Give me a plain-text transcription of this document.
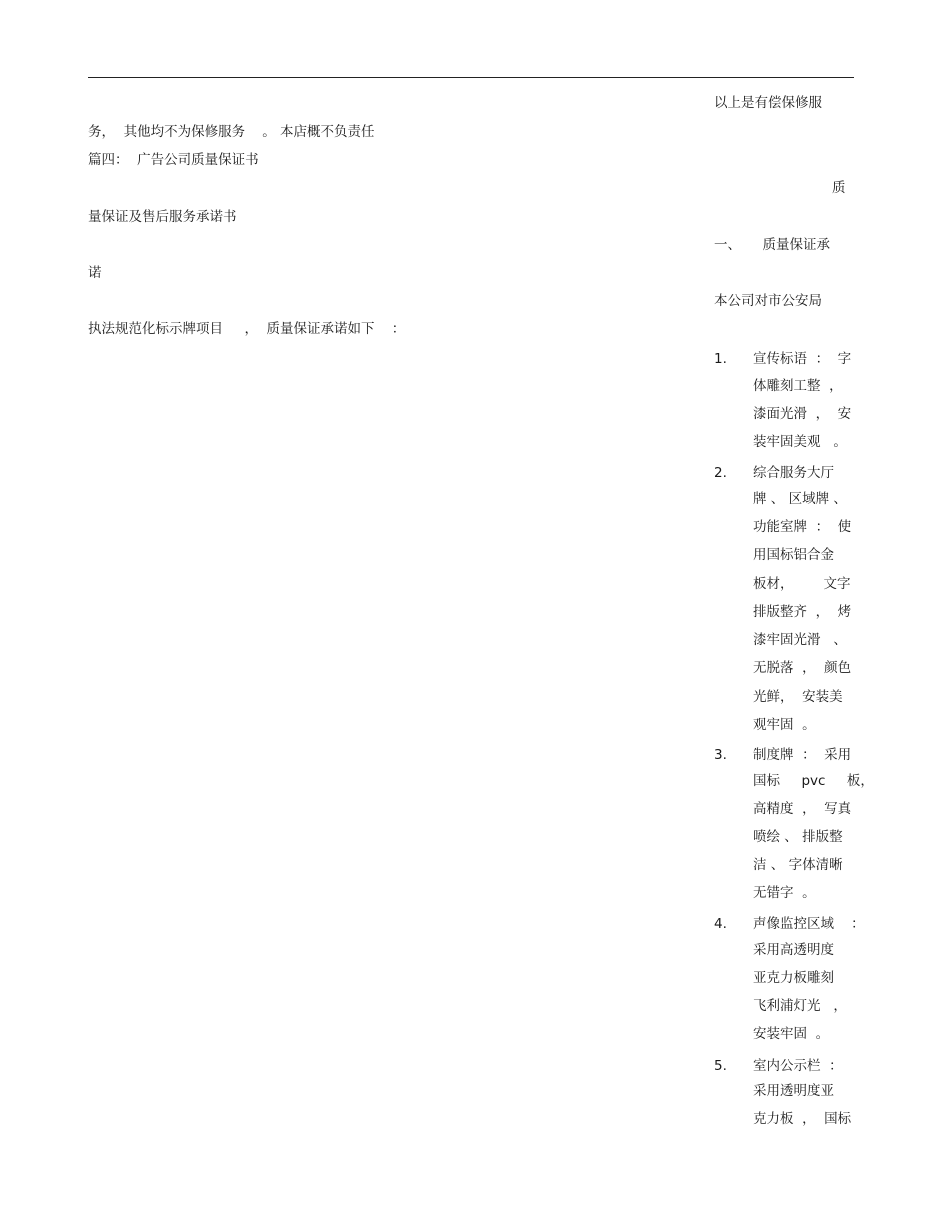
以上是有偿保修服
务，  其他均不为保修服务    。 本店概不负责任
篇四：  广告公司质量保证书
质
量保证及售后服务承诺书
一、     质量保证承
诺
本公司对市公安局
执法规范化标示牌项目     ，  质量保证承诺如下    ：
1. 宣传标语  ：  字
体雕刻工整  ，
漆面光滑  ，  安
装牢固美观   。
2. 综合服务大厅
牌 、 区域牌 、
功能室牌  ：  使
用国标铝合金
板材，       文字
排版整齐  ，  烤
漆牢固光滑   、
无脱落  ，  颜色
光鲜，  安装美
观牢固  。
3. 制度牌  ：  采用
国标     pvc     板，
高精度  ，  写真
喷绘 、 排版整
洁 、 字体清晰
无错字  。
4. 声像监控区域    ：
采用高透明度
亚克力板雕刻
飞利浦灯光   ，
安装牢固  。
5. 室内公示栏  ：
采用透明度亚
克力板  ，  国标
